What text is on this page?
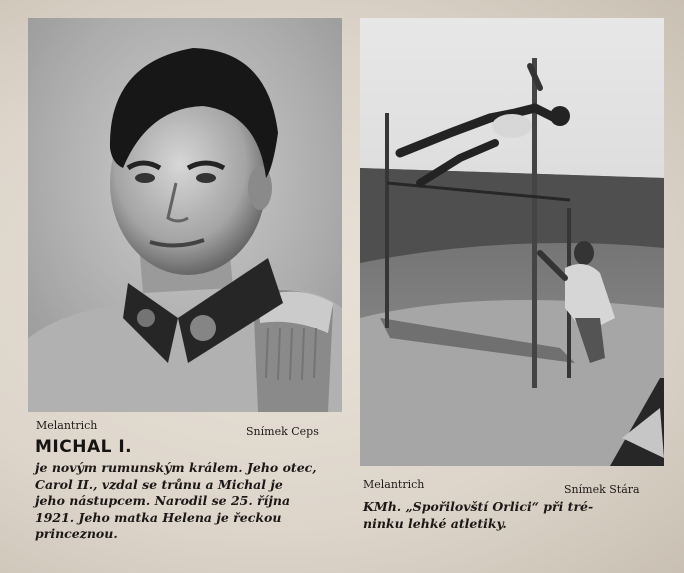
Melantrich	Snímek Ceps
MICHAL I.
je novým rumunským králem. Jeho otec,
Carol II., vzdal se trůnu a Michal je
jeho nástupcem. Narodil se 25. října
1921. Jeho matka Helena je řeckou
princeznou.
Melantrich	Snímek Stára
KMh. „Spořilovští Orlici“ při tré-
ninku lehké atletiky.
